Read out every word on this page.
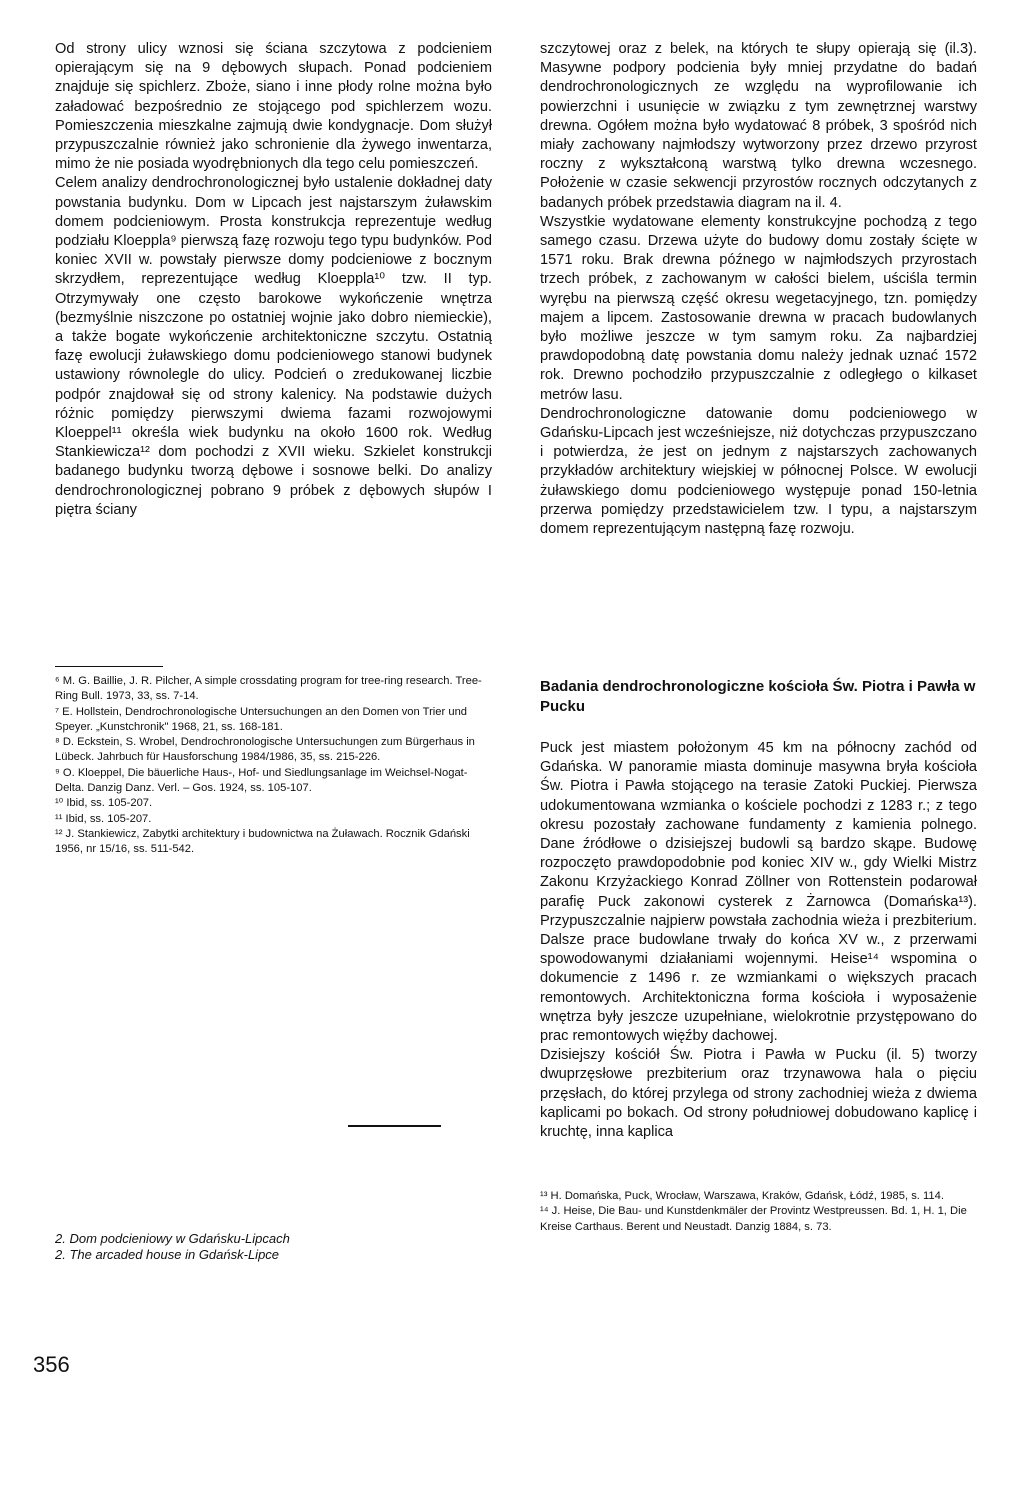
Od strony ulicy wznosi się ściana szczytowa z podcieniem opierającym się na 9 dębowych słupach. Ponad podcieniem znajduje się spichlerz. Zboże, siano i inne płody rolne można było załadować bezpośrednio ze stojącego pod spichlerzem wozu. Pomieszczenia mieszkalne zajmują dwie kondygnacje. Dom służył przypuszczalnie również jako schronienie dla żywego inwentarza, mimo że nie posiada wyodrębnionych dla tego celu pomieszczeń.

Celem analizy dendrochronologicznej było ustalenie dokładnej daty powstania budynku. Dom w Lipcach jest najstarszym żuławskim domem podcieniowym. Prosta konstrukcja reprezentuje według podziału Kloeppla⁹ pierwszą fazę rozwoju tego typu budynków. Pod koniec XVII w. powstały pierwsze domy podcieniowe z bocznym skrzydłem, reprezentujące według Kloeppla¹⁰ tzw. II typ. Otrzymywały one często barokowe wykończenie wnętrza (bezmyślnie niszczone po ostatniej wojnie jako dobro niemieckie), a także bogate wykończenie architektoniczne szczytu. Ostatnią fazę ewolucji żuławskiego domu podcieniowego stanowi budynek ustawiony równolegle do ulicy. Podcień o zredukowanej liczbie podpór znajdował się od strony kalenicy. Na podstawie dużych różnic pomiędzy pierwszymi dwiema fazami rozwojowymi Kloeppel¹¹ określa wiek budynku na około 1600 rok. Według Stankiewicza¹² dom pochodzi z XVII wieku. Szkielet konstrukcji badanego budynku tworzą dębowe i sosnowe belki. Do analizy dendrochronologicznej pobrano 9 próbek z dębowych słupów I piętra ściany

⁶ M. G. Baillie, J. R. Pilcher, A simple crossdating program for tree-ring research. Tree-Ring Bull. 1973, 33, ss. 7-14.

⁷ E. Hollstein, Dendrochronologische Untersuchungen an den Domen von Trier und Speyer. „Kunstchronik" 1968, 21, ss. 168-181.

⁸ D. Eckstein, S. Wrobel, Dendrochronologische Untersuchungen zum Bürgerhaus in Lübeck. Jahrbuch für Hausforschung 1984/1986, 35, ss. 215-226.

⁹ O. Kloeppel, Die bäuerliche Haus-, Hof- und Siedlungsanlage im Weichsel-Nogat-Delta. Danzig Danz. Verl. – Gos. 1924, ss. 105-107.

¹⁰ Ibid, ss. 105-207.

¹¹ Ibid, ss. 105-207.

¹² J. Stankiewicz, Zabytki architektury i budownictwa na Żuławach. Rocznik Gdański 1956, nr 15/16, ss. 511-542.

szczytowej oraz z belek, na których te słupy opierają się (il.3). Masywne podpory podcienia były mniej przydatne do badań dendrochronologicznych ze względu na wyprofilowanie ich powierzchni i usunięcie w związku z tym zewnętrznej warstwy drewna. Ogółem można było wydatować 8 próbek, 3 spośród nich miały zachowany najmłodszy wytworzony przez drzewo przyrost roczny z wykształconą warstwą tylko drewna wczesnego. Położenie w czasie sekwencji przyrostów rocznych odczytanych z badanych próbek przedstawia diagram na il. 4.

Wszystkie wydatowane elementy konstrukcyjne pochodzą z tego samego czasu. Drzewa użyte do budowy domu zostały ścięte w 1571 roku. Brak drewna późnego w najmłodszych przyrostach trzech próbek, z zachowanym w całości bielem, uściśla termin wyrębu na pierwszą część okresu wegetacyjnego, tzn. pomiędzy majem a lipcem. Zastosowanie drewna w pracach budowlanych było możliwe jeszcze w tym samym roku. Za najbardziej prawdopodobną datę powstania domu należy jednak uznać 1572 rok. Drewno pochodziło przypuszczalnie z odległego o kilkaset metrów lasu.

Dendrochronologiczne datowanie domu podcieniowego w Gdańsku-Lipcach jest wcześniejsze, niż dotychczas przypuszczano i potwierdza, że jest on jednym z najstarszych zachowanych przykładów architektury wiejskiej w północnej Polsce. W ewolucji żuławskiego domu podcieniowego występuje ponad 150-letnia przerwa pomiędzy przedstawicielem tzw. I typu, a najstarszym domem reprezentującym następną fazę rozwoju.

Badania dendrochronologiczne kościoła Św. Piotra i Pawła w Pucku

Puck jest miastem położonym 45 km na północny zachód od Gdańska. W panoramie miasta dominuje masywna bryła kościoła Św. Piotra i Pawła stojącego na terasie Zatoki Puckiej. Pierwsza udokumentowana wzmianka o kościele pochodzi z 1283 r.; z tego okresu pozostały zachowane fundamenty z kamienia polnego. Dane źródłowe o dzisiejszej budowli są bardzo skąpe. Budowę rozpoczęto prawdopodobnie pod koniec XIV w., gdy Wielki Mistrz Zakonu Krzyżackiego Konrad Zöllner von Rottenstein podarował parafię Puck zakonowi cysterek z Żarnowca (Domańska¹³). Przypuszczalnie najpierw powstała zachodnia wieża i prezbiterium. Dalsze prace budowlane trwały do końca XV w., z przerwami spowodowanymi działaniami wojennymi. Heise¹⁴ wspomina o dokumencie z 1496 r. ze wzmiankami o większych pracach remontowych. Architektoniczna forma kościoła i wyposażenie wnętrza były jeszcze uzupełniane, wielokrotnie przystępowano do prac remontowych więźby dachowej.

Dzisiejszy kościół Św. Piotra i Pawła w Pucku (il. 5) tworzy dwuprzęsłowe prezbiterium oraz trzynawowa hala o pięciu przęsłach, do której przylega od strony zachodniej wieża z dwiema kaplicami po bokach. Od strony południowej dobudowano kaplicę i kruchtę, inna kaplica

2. Dom podcieniowy w Gdańsku-Lipcach

2. The arcaded house in Gdańsk-Lipce

¹³ H. Domańska, Puck, Wrocław, Warszawa, Kraków, Gdańsk, Łódź, 1985, s. 114.

¹⁴ J. Heise, Die Bau- und Kunstdenkmäler der Provintz Westpreussen. Bd. 1, H. 1, Die Kreise Carthaus. Berent und Neustadt. Danzig 1884, s. 73.

356
